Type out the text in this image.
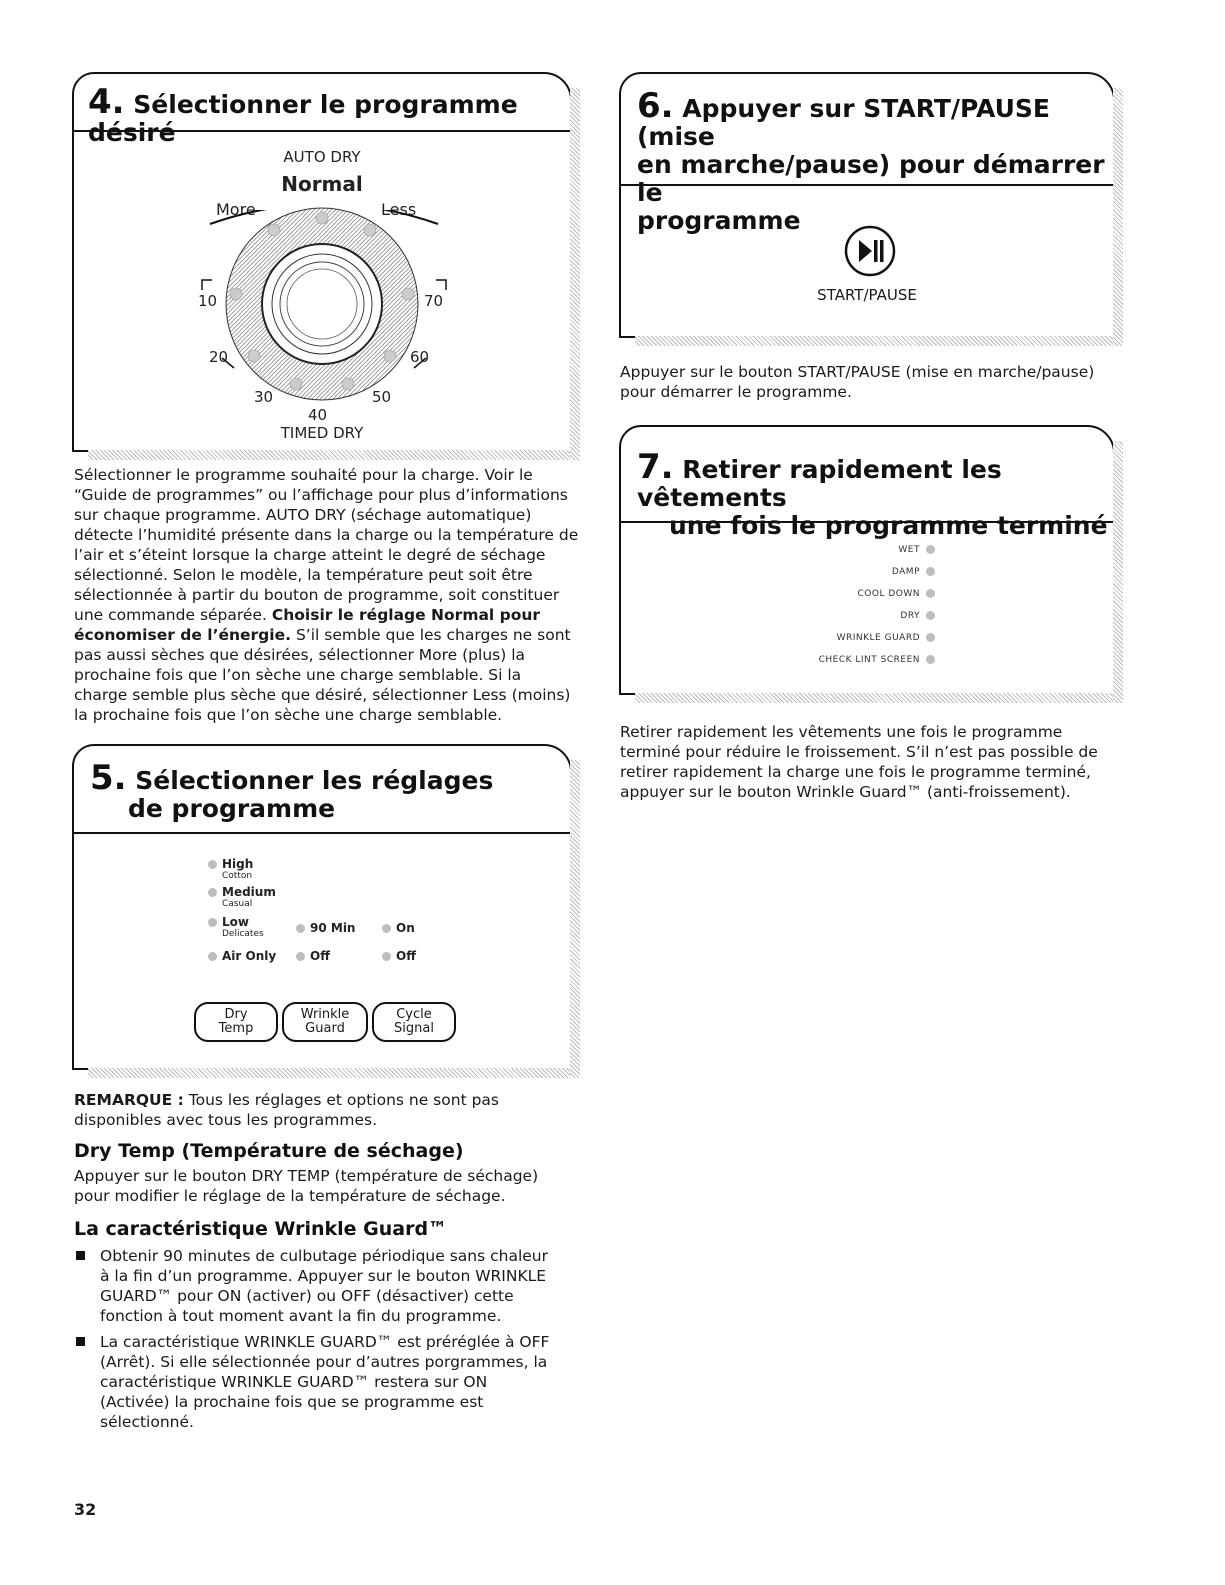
4. Sélectionner le programme désiré
AUTO DRY
Normal
More	Less
10
20
30
40
50
60
70
TIMED DRY

Sélectionner le programme souhaité pour la charge. Voir le “Guide de programmes” ou l’affichage pour plus d’informations sur chaque programme. AUTO DRY (séchage automatique) détecte l’humidité présente dans la charge ou la température de l’air et s’éteint lorsque la charge atteint le degré de séchage sélectionné. Selon le modèle, la température peut soit être sélectionnée à partir du bouton de programme, soit constituer une commande séparée. Choisir le réglage Normal pour économiser de l’énergie. S’il semble que les charges ne sont pas aussi sèches que désirées, sélectionner More (plus) la prochaine fois que l’on sèche une charge semblable. Si la charge semble plus sèche que désiré, sélectionner Less (moins) la prochaine fois que l’on sèche une charge semblable.

5. Sélectionner les réglages
de programme
High
Cotton
Medium
Casual
Low
Delicates
Air Only
90 Min
Off
On
Off
Dry
Temp
Wrinkle
Guard
Cycle
Signal
REMARQUE : Tous les réglages et options ne sont pas disponibles avec tous les programmes.
Dry Temp (Température de séchage)
Appuyer sur le bouton DRY TEMP (température de séchage) pour modifier le réglage de la température de séchage.
La caractéristique Wrinkle Guard™
Obtenir 90 minutes de culbutage périodique sans chaleur à la fin d’un programme. Appuyer sur le bouton WRINKLE GUARD™ pour ON (activer) ou OFF (désactiver) cette fonction à tout moment avant la fin du programme.
La caractéristique WRINKLE GUARD™ est préréglée à OFF (Arrêt). Si elle sélectionnée pour d’autres porgrammes, la caractéristique WRINKLE GUARD™ restera sur ON (Activée) la prochaine fois que se programme est sélectionné.
32
6. Appuyer sur START/PAUSE (mise
en marche/pause) pour démarrer le
programme
START/PAUSE
Appuyer sur le bouton START/PAUSE (mise en marche/pause) pour démarrer le programme.
7. Retirer rapidement les vêtements
une fois le programme terminé
WET
DAMP
COOL DOWN
DRY
WRINKLE GUARD
CHECK LINT SCREEN
Retirer rapidement les vêtements une fois le programme terminé pour réduire le froissement. S’il n’est pas possible de retirer rapidement la charge une fois le programme terminé, appuyer sur le bouton Wrinkle Guard™ (anti-froissement).
